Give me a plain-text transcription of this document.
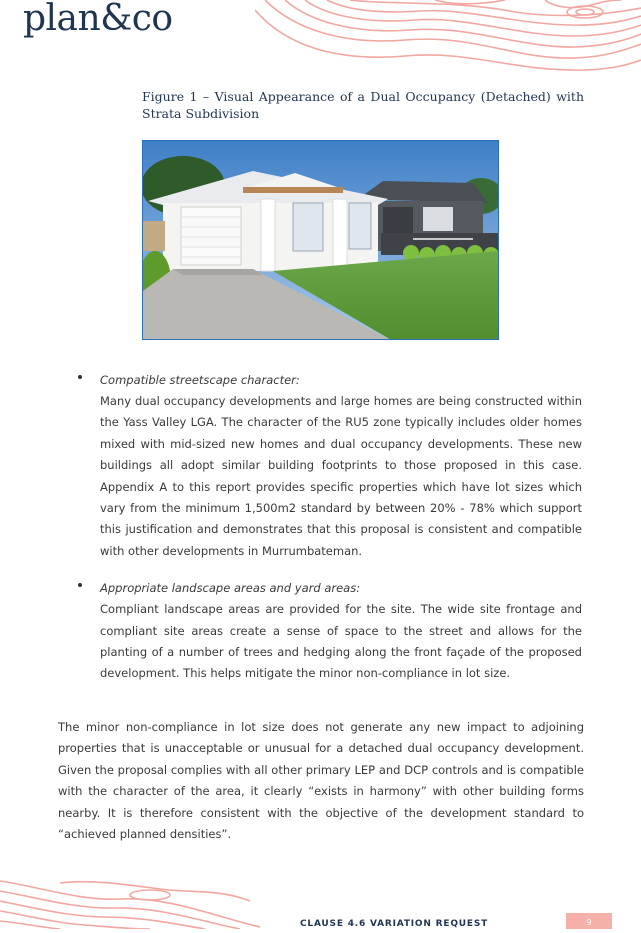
plan&co
Figure 1 – Visual Appearance of a Dual Occupancy (Detached) with Strata Subdivision
Compatible streetscape character:
Many dual occupancy developments and large homes are being constructed within the Yass Valley LGA. The character of the RU5 zone typically includes older homes mixed with mid-sized new homes and dual occupancy developments. These new buildings all adopt similar building footprints to those proposed in this case. Appendix A to this report provides specific properties which have lot sizes which vary from the minimum 1,500m2 standard by between 20% - 78% which support this justification and demonstrates that this proposal is consistent and compatible with other developments in Murrumbateman.
Appropriate landscape areas and yard areas:
Compliant landscape areas are provided for the site. The wide site frontage and compliant site areas create a sense of space to the street and allows for the planting of a number of trees and hedging along the front façade of the proposed development. This helps mitigate the minor non-compliance in lot size.

The minor non-compliance in lot size does not generate any new impact to adjoining properties that is unacceptable or unusual for a detached dual occupancy development. Given the proposal complies with all other primary LEP and DCP controls and is compatible with the character of the area, it clearly “exists in harmony” with other building forms nearby. It is therefore consistent with the objective of the development standard to “achieved planned densities”.

CLAUSE 4.6 VARIATION REQUEST	9
